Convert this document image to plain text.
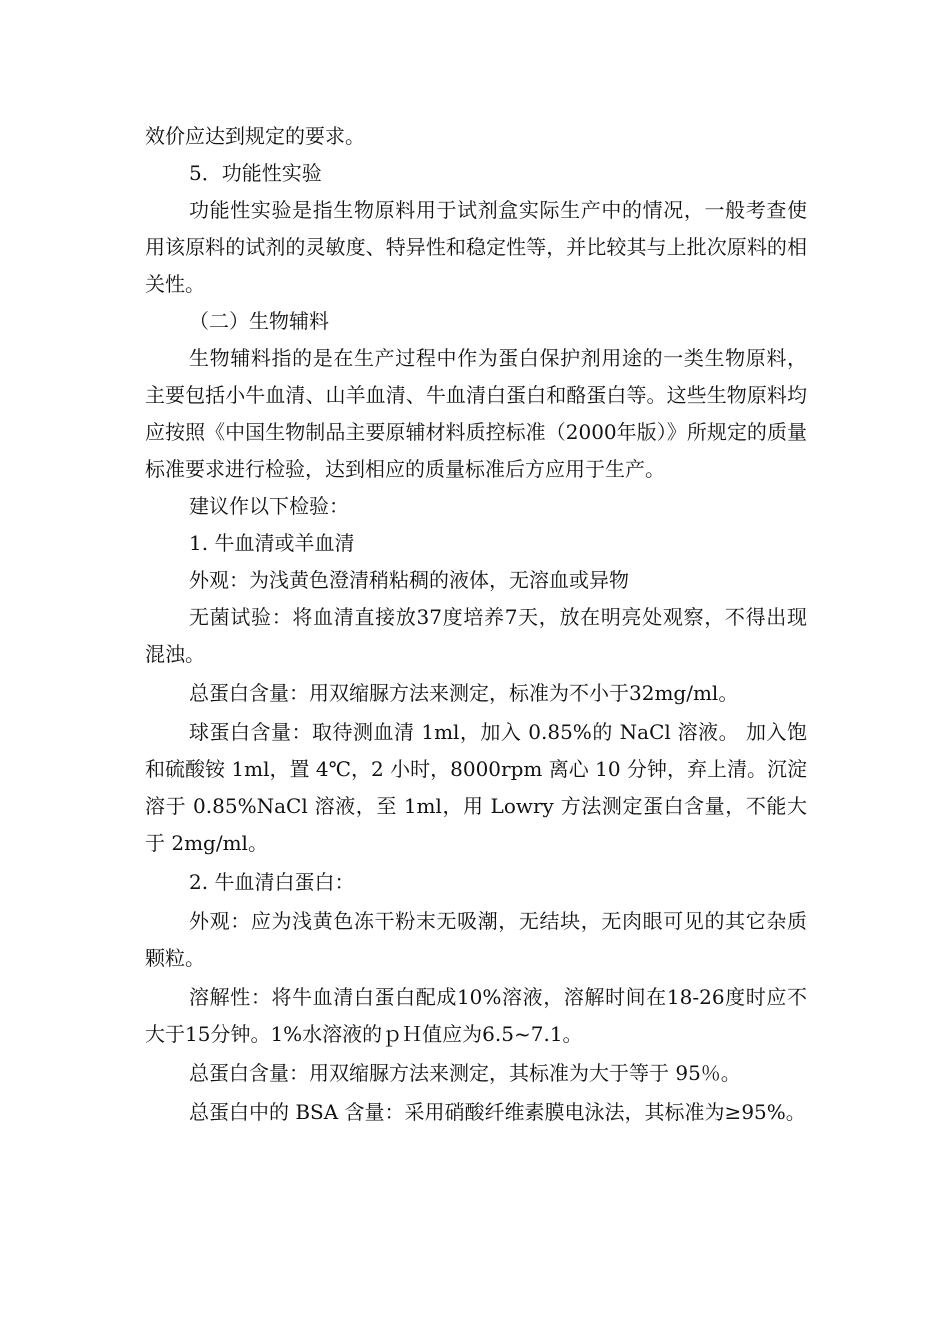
效价应达到规定的要求。

5．功能性实验

功能性实验是指生物原料用于试剂盒实际生产中的情况，一般考查使用该原料的试剂的灵敏度、特异性和稳定性等，并比较其与上批次原料的相关性。

（二）生物辅料

生物辅料指的是在生产过程中作为蛋白保护剂用途的一类生物原料，主要包括小牛血清、山羊血清、牛血清白蛋白和酪蛋白等。这些生物原料均应按照《中国生物制品主要原辅材料质控标准（2000年版）》所规定的质量标准要求进行检验，达到相应的质量标准后方应用于生产。

建议作以下检验：

1. 牛血清或羊血清

外观：为浅黄色澄清稍粘稠的液体，无溶血或异物

无菌试验：将血清直接放37度培养7天，放在明亮处观察，不得出现混浊。

总蛋白含量：用双缩脲方法来测定，标准为不小于32mg/ml。

球蛋白含量：取待测血清 1ml，加入 0.85%的 NaCl 溶液。 加入饱和硫酸铵 1ml，置 4℃，2 小时，8000rpm 离心 10 分钟，弃上清。沉淀溶于 0.85%NaCl 溶液，至 1ml，用 Lowry 方法测定蛋白含量，不能大于 2mg/ml。

2. 牛血清白蛋白：

外观：应为浅黄色冻干粉末无吸潮，无结块，无肉眼可见的其它杂质颗粒。

溶解性：将牛血清白蛋白配成10%溶液，溶解时间在18-26度时应不大于15分钟。1%水溶液的ｐＨ值应为6.5~7.1。

总蛋白含量：用双缩脲方法来测定，其标准为大于等于 95％。

总蛋白中的 BSA 含量：采用硝酸纤维素膜电泳法，其标准为≥95%。
